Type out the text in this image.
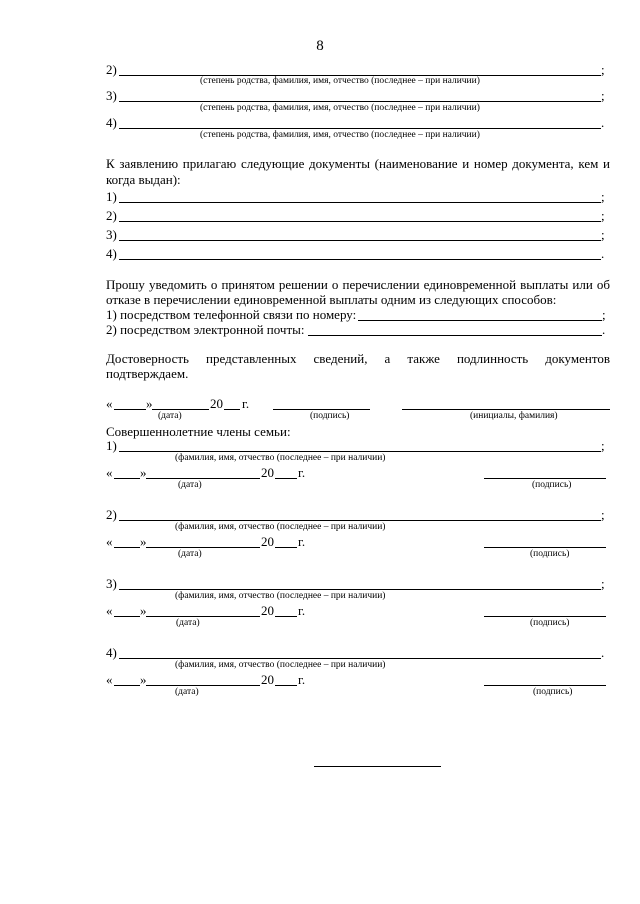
8
2)	;
(степень родства, фамилия, имя, отчество (последнее – при наличии)
3)	;
(степень родства, фамилия, имя, отчество (последнее – при наличии)
4)	.
(степень родства, фамилия, имя, отчество (последнее – при наличии)
К заявлению прилагаю следующие документы (наименование и номер документа, кем и
когда выдан):
1)	;
2)	;
3)	;
4)	.
Прошу уведомить о принятом решении о перечислении единовременной выплаты или об
отказе в перечислении единовременной выплаты одним из следующих способов:
1) посредством телефонной связи по номеру:	;
2) посредством электронной почты:	.
Достоверность представленных сведений, а также подлинность документов
подтверждаем.
«	»	20 г.
(дата)	(подпись)	(инициалы, фамилия)
Совершеннолетние члены семьи:
1)	;
(фамилия, имя, отчество (последнее – при наличии)
« »	20 г.
(дата)	(подпись)
2)	;
(фамилия, имя, отчество (последнее – при наличии)
« »	20 г.
(дата)	(подпись)
3)	;
(фамилия, имя, отчество (последнее – при наличии)
« »	20 г.
(дата)	(подпись)
4)	.
(фамилия, имя, отчество (последнее – при наличии)
« »	20 г.
(дата)	(подпись)
